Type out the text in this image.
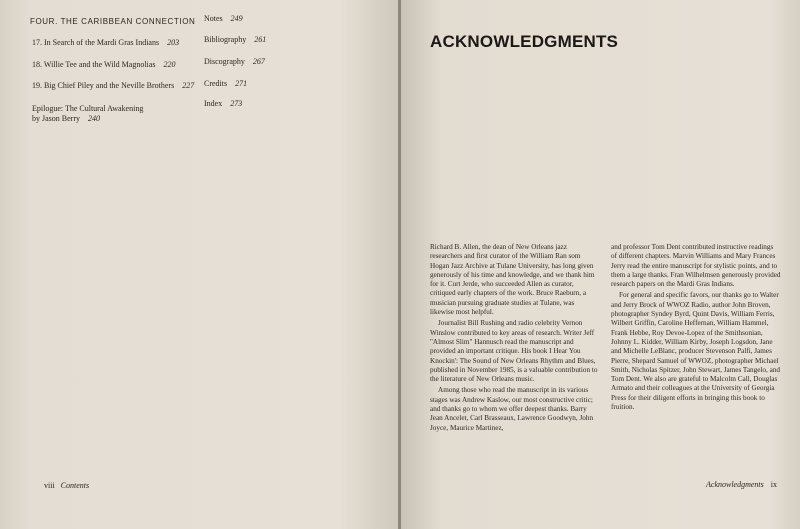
FOUR. THE CARIBBEAN CONNECTION
17. In Search of the Mardi Gras Indians 203
18. Willie Tee and the Wild Magnolias 220
19. Big Chief Piley and the Neville Brothers 227
Epilogue: The Cultural Awakening
by Jason Berry 240
Notes 249
Bibliography 261
Discography 267
Credits 271
Index 273
viii Contents
ACKNOWLEDGMENTS

Richard B. Allen, the dean of New Orleans jazz researchers and first curator of the William Ran som Hogan Jazz Archive at Tulane University, has long given generously of his time and knowledge, and we thank him for it. Curt Jerde, who succeeded Allen as curator, critiqued early chapters of the work. Bruce Raeburn, a musician pursuing graduate studies at Tulane, was likewise most helpful.

Journalist Bill Rushing and radio celebrity Vernon Winslow contributed to key areas of research. Writer Jeff "Almost Slim" Hannusch read the manuscript and provided an important critique. His book I Hear You Knockin': The Sound of New Orleans Rhythm and Blues, published in November 1985, is a valuable contribution to the literature of New Orleans music.

Among those who read the manuscript in its various stages was Andrew Kaslow, our most constructive critic; and thanks go to whom we offer deepest thanks. Barry Jean Ancelet, Carl Brasseaux, Lawrence Goodwyn, John Joyce, Maurice Martinez,

and professor Tom Dent contributed instructive readings of different chapters. Marvin Williams and Mary Frances Jerry read the entire manuscript for stylistic points, and to them a large thanks. Fran Wilhelmsen generously provided research papers on the Mardi Gras Indians.

For general and specific favors, our thanks go to Walter and Jerry Brock of WWOZ Radio, author John Broven, photographer Syndey Byrd, Quint Davis, William Ferris, Wilbert Griffin, Caroline Heffernan, William Hammel, Frank Hebbe, Roy Devoe-Lopez of the Smithsonian, Johnny L. Kidder, William Kirby, Joseph Logsdon, Jane and Michelle LeBlanc, producer Stevenson Palfi, James Pierre, Shepard Samuel of WWOZ, photographer Michael Smith, Nicholas Spitzer, John Stewart, James Tangelo, and Tom Dent. We also are grateful to Malcolm Call, Douglas Armato and their colleagues at the University of Georgia Press for their diligent efforts in bringing this book to fruition.

Acknowledgments ix
